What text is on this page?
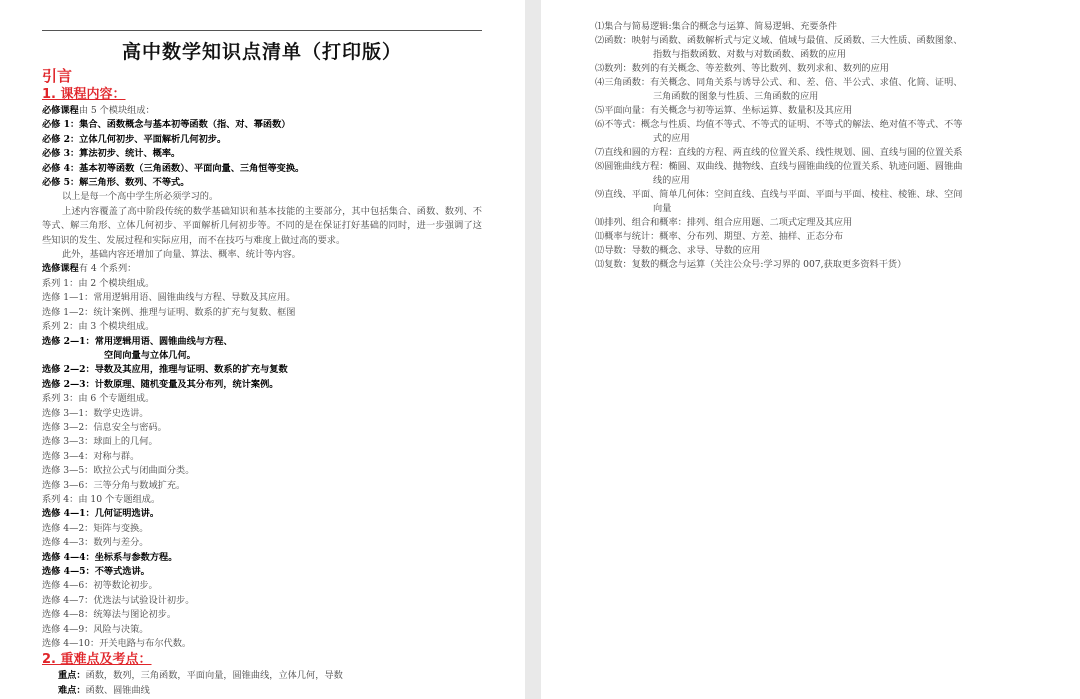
高中数学知识点清单（打印版）
引言
1. 课程内容：
必修课程由 5 个模块组成：
必修 1：集合、函数概念与基本初等函数（指、对、幂函数）
必修 2：立体几何初步、平面解析几何初步。
必修 3：算法初步、统计、概率。
必修 4：基本初等函数（三角函数）、平面向量、三角恒等变换。
必修 5：解三角形、数列、不等式。
以上是每一个高中学生所必须学习的。
上述内容覆盖了高中阶段传统的数学基础知识和基本技能的主要部分，其中包括集合、函数、数列、不等式、解三角形、立体几何初步、平面解析几何初步等。不同的是在保证打好基础的同时，进一步强调了这些知识的发生、发展过程和实际应用，而不在技巧与难度上做过高的要求。
此外，基础内容还增加了向量、算法、概率、统计等内容。
选修课程有 4 个系列：
系列 1：由 2 个模块组成。
选修 1—1：常用逻辑用语、圆锥曲线与方程、导数及其应用。
选修 1—2：统计案例、推理与证明、数系的扩充与复数、框图
系列 2：由 3 个模块组成。
选修 2—1：常用逻辑用语、圆锥曲线与方程、
空间向量与立体几何。
选修 2—2：导数及其应用，推理与证明、数系的扩充与复数
选修 2—3：计数原理、随机变量及其分布列，统计案例。
系列 3：由 6 个专题组成。
选修 3—1：数学史选讲。
选修 3—2：信息安全与密码。
选修 3—3：球面上的几何。
选修 3—4：对称与群。
选修 3—5：欧拉公式与闭曲面分类。
选修 3—6：三等分角与数域扩充。
系列 4：由 10 个专题组成。
选修 4—1：几何证明选讲。
选修 4—2：矩阵与变换。
选修 4—3：数列与差分。
选修 4—4：坐标系与参数方程。
选修 4—5：不等式选讲。
选修 4—6：初等数论初步。
选修 4—7：优选法与试验设计初步。
选修 4—8：统筹法与图论初步。
选修 4—9：风险与决策。
选修 4—10：开关电路与布尔代数。
2. 重难点及考点：
重点：函数，数列，三角函数，平面向量，圆锥曲线，立体几何，导数
难点：函数、圆锥曲线
⑴集合与简易逻辑:集合的概念与运算、简易逻辑、充要条件
⑵函数：映射与函数、函数解析式与定义域、值域与最值、反函数、三大性质、函数图象、
指数与指数函数、对数与对数函数、函数的应用
⑶数列：数列的有关概念、等差数列、等比数列、数列求和、数列的应用
⑷三角函数：有关概念、同角关系与诱导公式、和、差、倍、半公式、求值、化简、证明、
三角函数的图象与性质、三角函数的应用
⑸平面向量：有关概念与初等运算、坐标运算、数量积及其应用
⑹不等式：概念与性质、均值不等式、不等式的证明、不等式的解法、绝对值不等式、不等
式的应用
⑺直线和圆的方程：直线的方程、两直线的位置关系、线性规划、圆、直线与圆的位置关系
⑻圆锥曲线方程：椭圆、双曲线、抛物线、直线与圆锥曲线的位置关系、轨迹问题、圆锥曲
线的应用
⑼直线、平面、简单几何体：空间直线、直线与平面、平面与平面、棱柱、棱锥、球、空间
向量
⑽排列、组合和概率：排列、组合应用题、二项式定理及其应用
⑾概率与统计：概率、分布列、期望、方差、抽样、正态分布
⑿导数：导数的概念、求导、导数的应用
⒀复数：复数的概念与运算（关注公众号:学习界的 007,获取更多资料干货）
